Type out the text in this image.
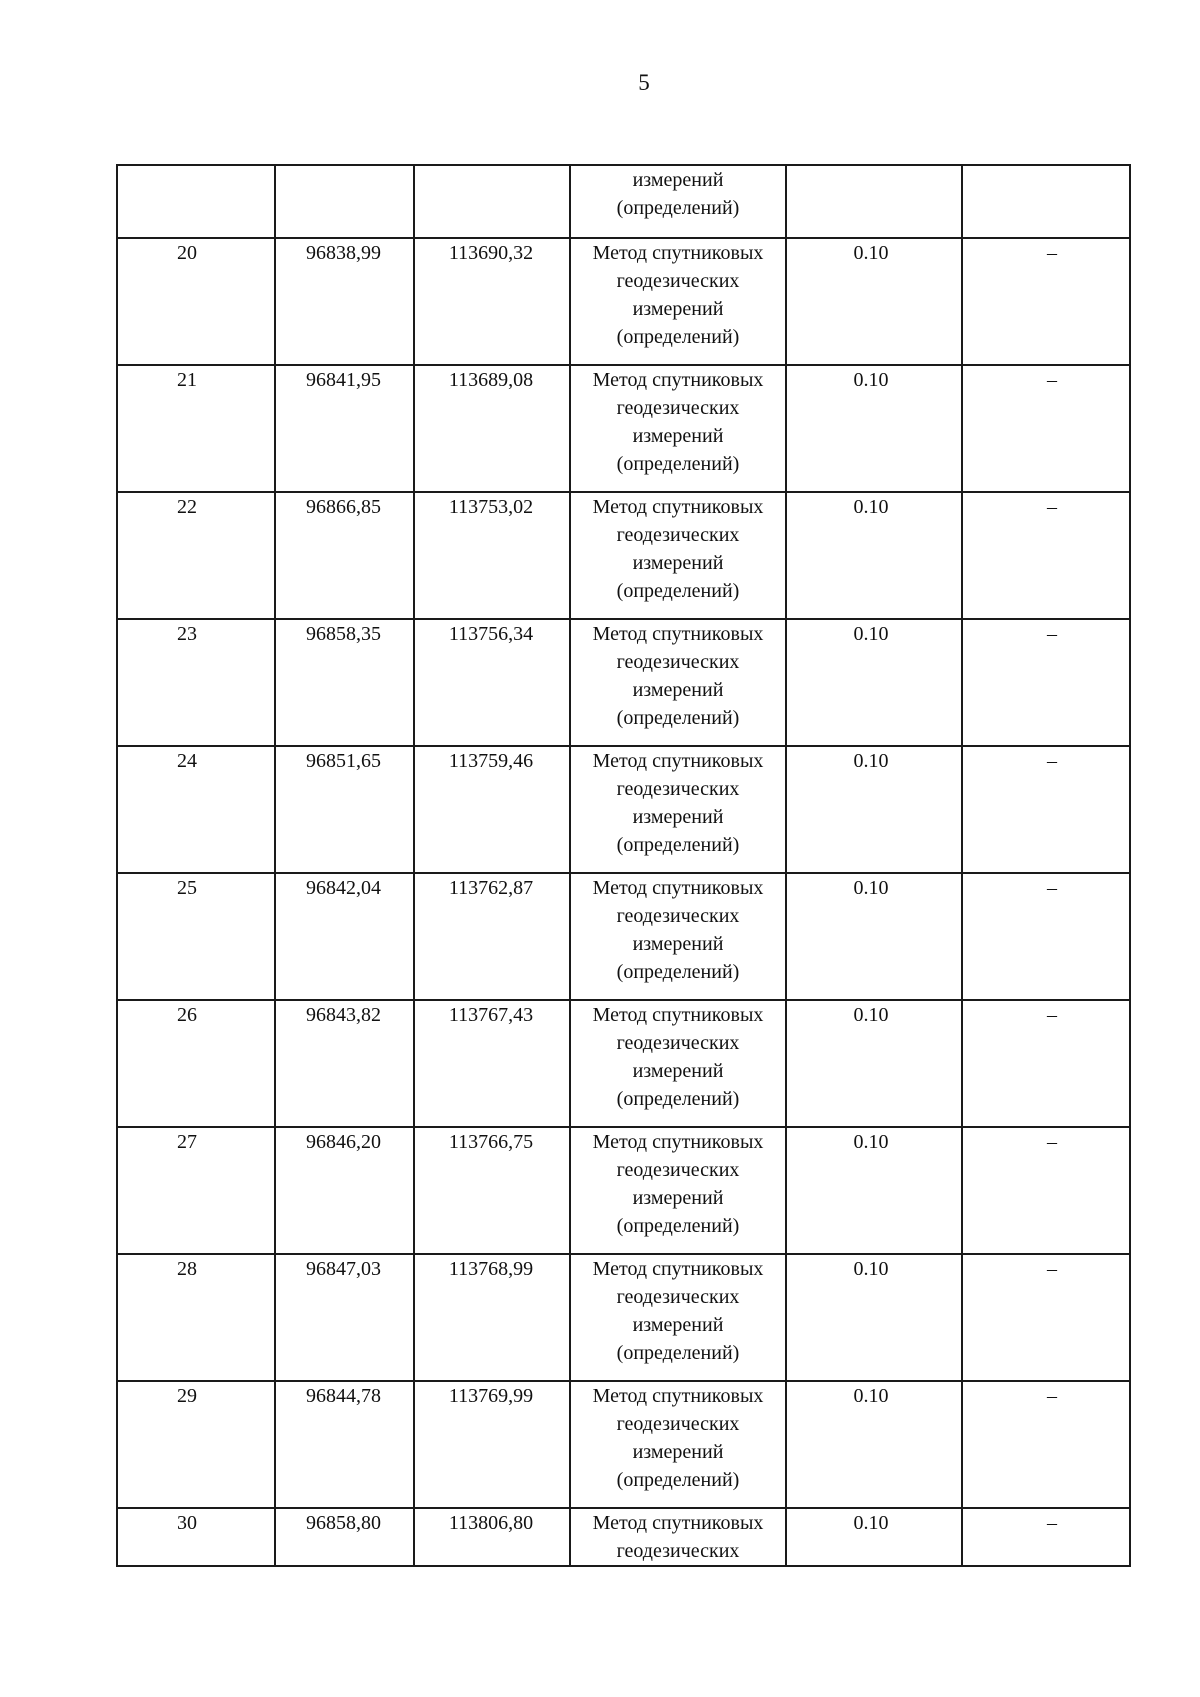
5

			измерений
(определений)		

20	96838,99	113690,32	Метод спутниковых
геодезических
измерений
(определений)	0.10	–
21	96841,95	113689,08	Метод спутниковых
геодезических
измерений
(определений)	0.10	–
22	96866,85	113753,02	Метод спутниковых
геодезических
измерений
(определений)	0.10	–
23	96858,35	113756,34	Метод спутниковых
геодезических
измерений
(определений)	0.10	–
24	96851,65	113759,46	Метод спутниковых
геодезических
измерений
(определений)	0.10	–
25	96842,04	113762,87	Метод спутниковых
геодезических
измерений
(определений)	0.10	–
26	96843,82	113767,43	Метод спутниковых
геодезических
измерений
(определений)	0.10	–
27	96846,20	113766,75	Метод спутниковых
геодезических
измерений
(определений)	0.10	–
28	96847,03	113768,99	Метод спутниковых
геодезических
измерений
(определений)	0.10	–
29	96844,78	113769,99	Метод спутниковых
геодезических
измерений
(определений)	0.10	–
30	96858,80	113806,80	Метод спутниковых
геодезических	0.10	–
